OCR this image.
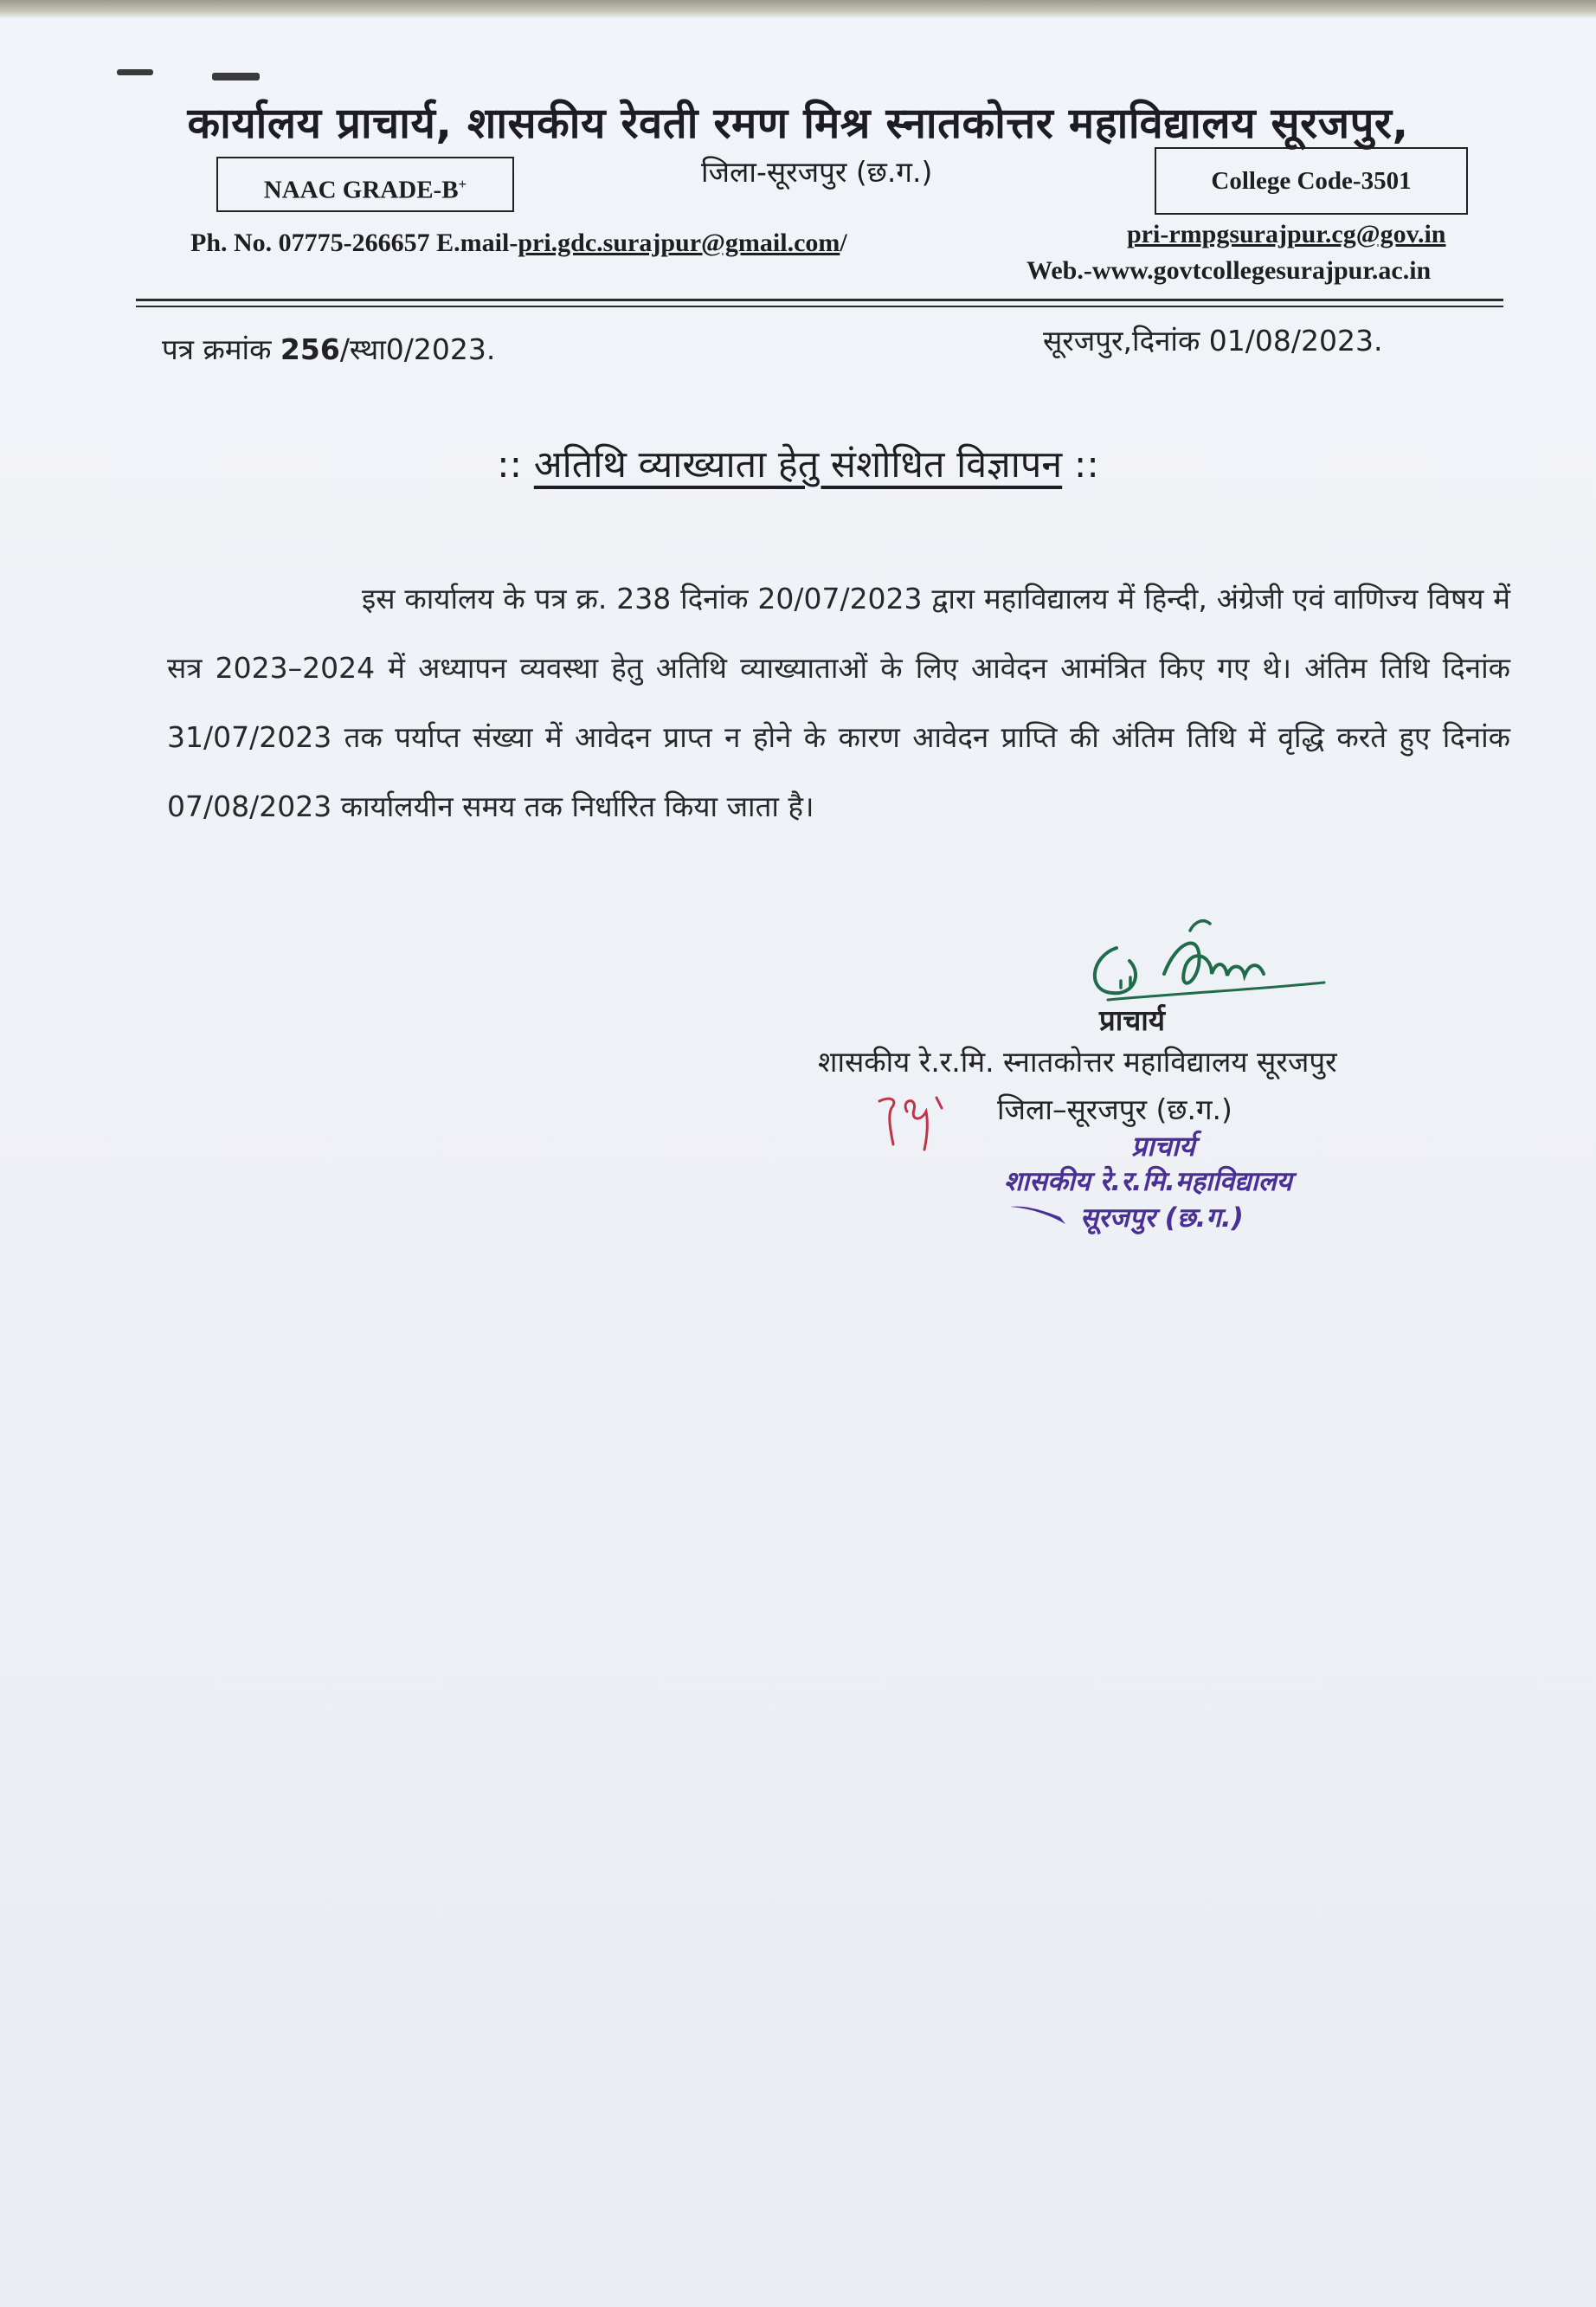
कार्यालय प्राचार्य, शासकीय रेवती रमण मिश्र स्नातकोत्तर महाविद्यालय सूरजपुर,
NAAC GRADE-B+	जिला-सूरजपुर (छ.ग.)	College Code-3501
Ph. No. 07775-266657 E.mail-pri.gdc.surajpur@gmail.com/	pri-rmpgsurajpur.cg@gov.in
Web.-www.govtcollegesurajpur.ac.in
पत्र क्रमांक 256/स्था0/2023.	सूरजपुर,दिनांक 01/08/2023.
:: अतिथि व्याख्याता हेतु संशोधित विज्ञापन ::
इस कार्यालय के पत्र क्र. 238 दिनांक 20/07/2023 द्वारा महाविद्यालय में हिन्दी, अंग्रेजी एवं वाणिज्य विषय में सत्र 2023–2024 में अध्यापन व्यवस्था हेतु अतिथि व्याख्याताओं के लिए आवेदन आमंत्रित किए गए थे। अंतिम तिथि दिनांक 31/07/2023 तक पर्याप्त संख्या में आवेदन प्राप्त न होने के कारण आवेदन प्राप्ति की अंतिम तिथि में वृद्धि करते हुए दिनांक 07/08/2023 कार्यालयीन समय तक निर्धारित किया जाता है।
प्राचार्य
शासकीय रे.र.मि. स्नातकोत्तर महाविद्यालय सूरजपुर
जिला–सूरजपुर (छ.ग.)
प्राचार्य
शासकीय रे.र.मि.महाविद्यालय
सूरजपुर (छ.ग.)
